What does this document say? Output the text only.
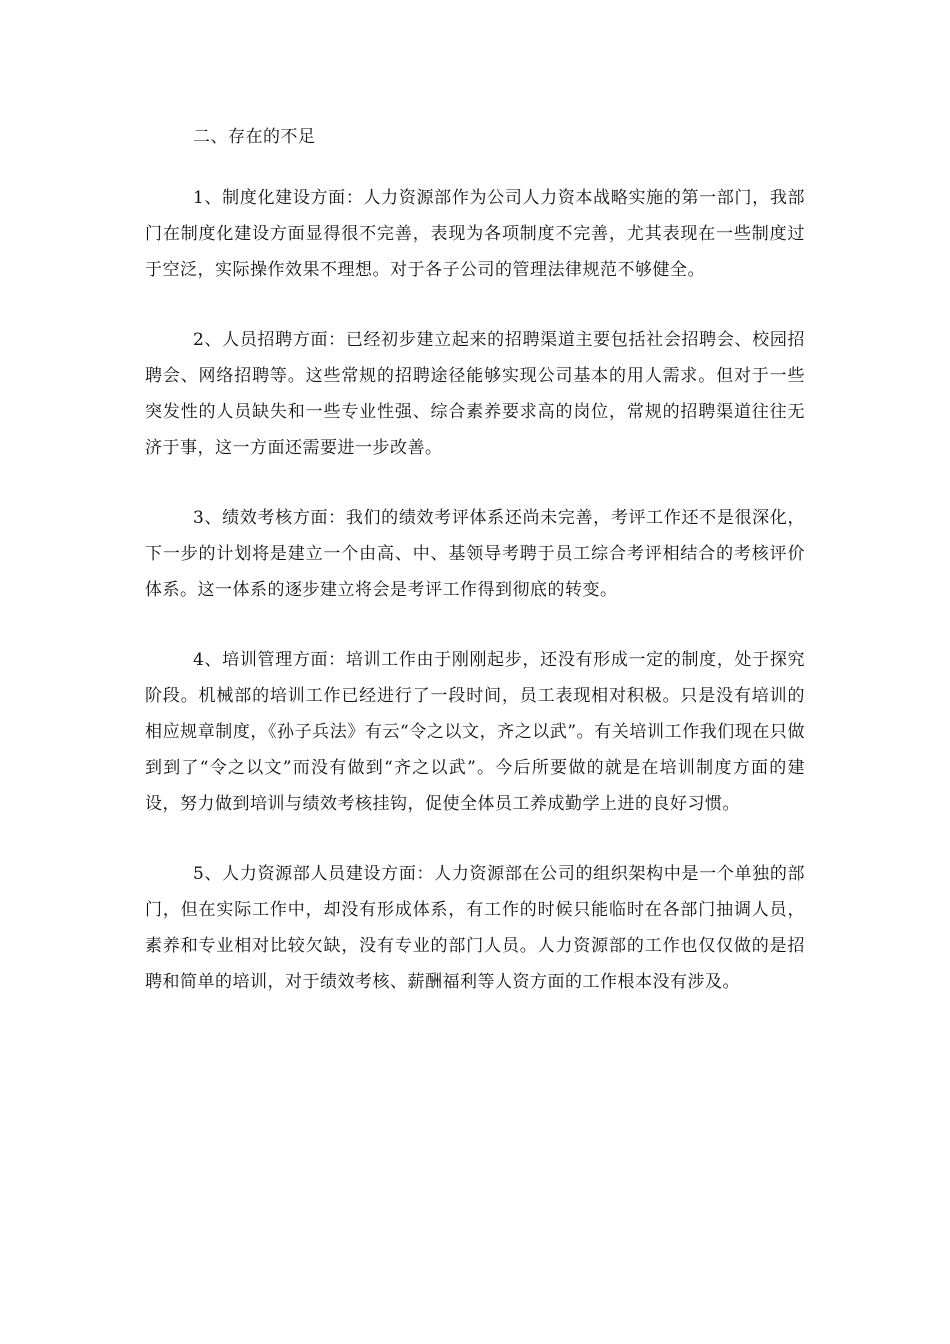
二、存在的不足

1、制度化建设方面：人力资源部作为公司人力资本战略实施的第一部门，我部门在制度化建设方面显得很不完善，表现为各项制度不完善，尤其表现在一些制度过于空泛，实际操作效果不理想。对于各子公司的管理法律规范不够健全。

2、人员招聘方面：已经初步建立起来的招聘渠道主要包括社会招聘会、校园招聘会、网络招聘等。这些常规的招聘途径能够实现公司基本的用人需求。但对于一些突发性的人员缺失和一些专业性强、综合素养要求高的岗位，常规的招聘渠道往往无济于事，这一方面还需要进一步改善。

3、绩效考核方面：我们的绩效考评体系还尚未完善，考评工作还不是很深化，下一步的计划将是建立一个由高、中、基领导考聘于员工综合考评相结合的考核评价体系。这一体系的逐步建立将会是考评工作得到彻底的转变。

4、培训管理方面：培训工作由于刚刚起步，还没有形成一定的制度，处于探究阶段。机械部的培训工作已经进行了一段时间，员工表现相对积极。只是没有培训的相应规章制度，《孙子兵法》有云“令之以文，齐之以武”。有关培训工作我们现在只做到到了“令之以文”而没有做到“齐之以武”。今后所要做的就是在培训制度方面的建设，努力做到培训与绩效考核挂钩，促使全体员工养成勤学上进的良好习惯。

5、人力资源部人员建设方面：人力资源部在公司的组织架构中是一个单独的部门，但在实际工作中，却没有形成体系，有工作的时候只能临时在各部门抽调人员，素养和专业相对比较欠缺，没有专业的部门人员。人力资源部的工作也仅仅做的是招聘和简单的培训，对于绩效考核、薪酬福利等人资方面的工作根本没有涉及。
